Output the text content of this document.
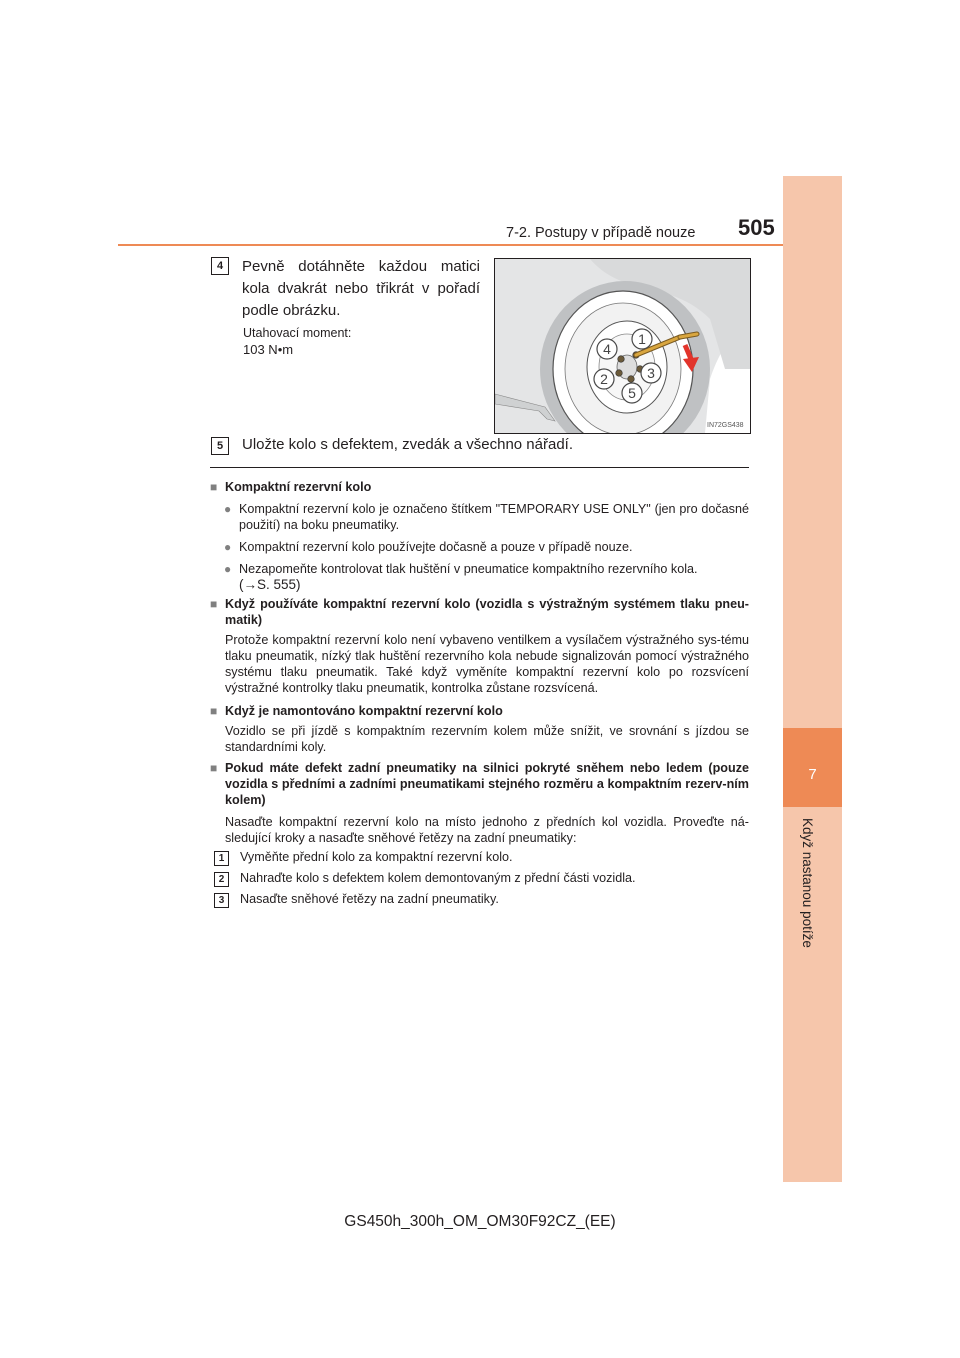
7
Když nastanou potíže
7-2. Postupy v případě nouze 505
4	Pevně dotáhněte každou matici kola dvakrát nebo třikrát v pořadí podle obrázku.
Utahovací moment:
103 N•m
1
4
3
2
5
IN72GS438
5	Uložte kolo s defektem, zvedák a všechno nářadí.
■ Kompaktní rezervní kolo
● Kompaktní rezervní kolo je označeno štítkem "TEMPORARY USE ONLY" (jen pro dočasné použití) na boku pneumatiky.
● Kompaktní rezervní kolo používejte dočasně a pouze v případě nouze.
● Nezapomeňte kontrolovat tlak huštění v pneumatice kompaktního rezervního kola.
(→S. 555)
■ Když používáte kompaktní rezervní kolo (vozidla s výstražným systémem tlaku pneu-matik)
Protože kompaktní rezervní kolo není vybaveno ventilkem a vysílačem výstražného sys-tému tlaku pneumatik, nízký tlak huštění rezervního kola nebude signalizován pomocí výstražného systému tlaku pneumatik. Také když vyměníte kompaktní rezervní kolo po rozsvícení výstražné kontrolky tlaku pneumatik, kontrolka zůstane rozsvícená.
■ Když je namontováno kompaktní rezervní kolo
Vozidlo se při jízdě s kompaktním rezervním kolem může snížit, ve srovnání s jízdou se standardními koly.
■ Pokud máte defekt zadní pneumatiky na silnici pokryté sněhem nebo ledem (pouze vozidla s předními a zadními pneumatikami stejného rozměru a kompaktním rezerv-ním kolem)
Nasaďte kompaktní rezervní kolo na místo jednoho z předních kol vozidla. Proveďte ná-sledující kroky a nasaďte sněhové řetězy na zadní pneumatiky:
1	Vyměňte přední kolo za kompaktní rezervní kolo.
2	Nahraďte kolo s defektem kolem demontovaným z přední části vozidla.
3	Nasaďte sněhové řetězy na zadní pneumatiky.
GS450h_300h_OM_OM30F92CZ_(EE)
